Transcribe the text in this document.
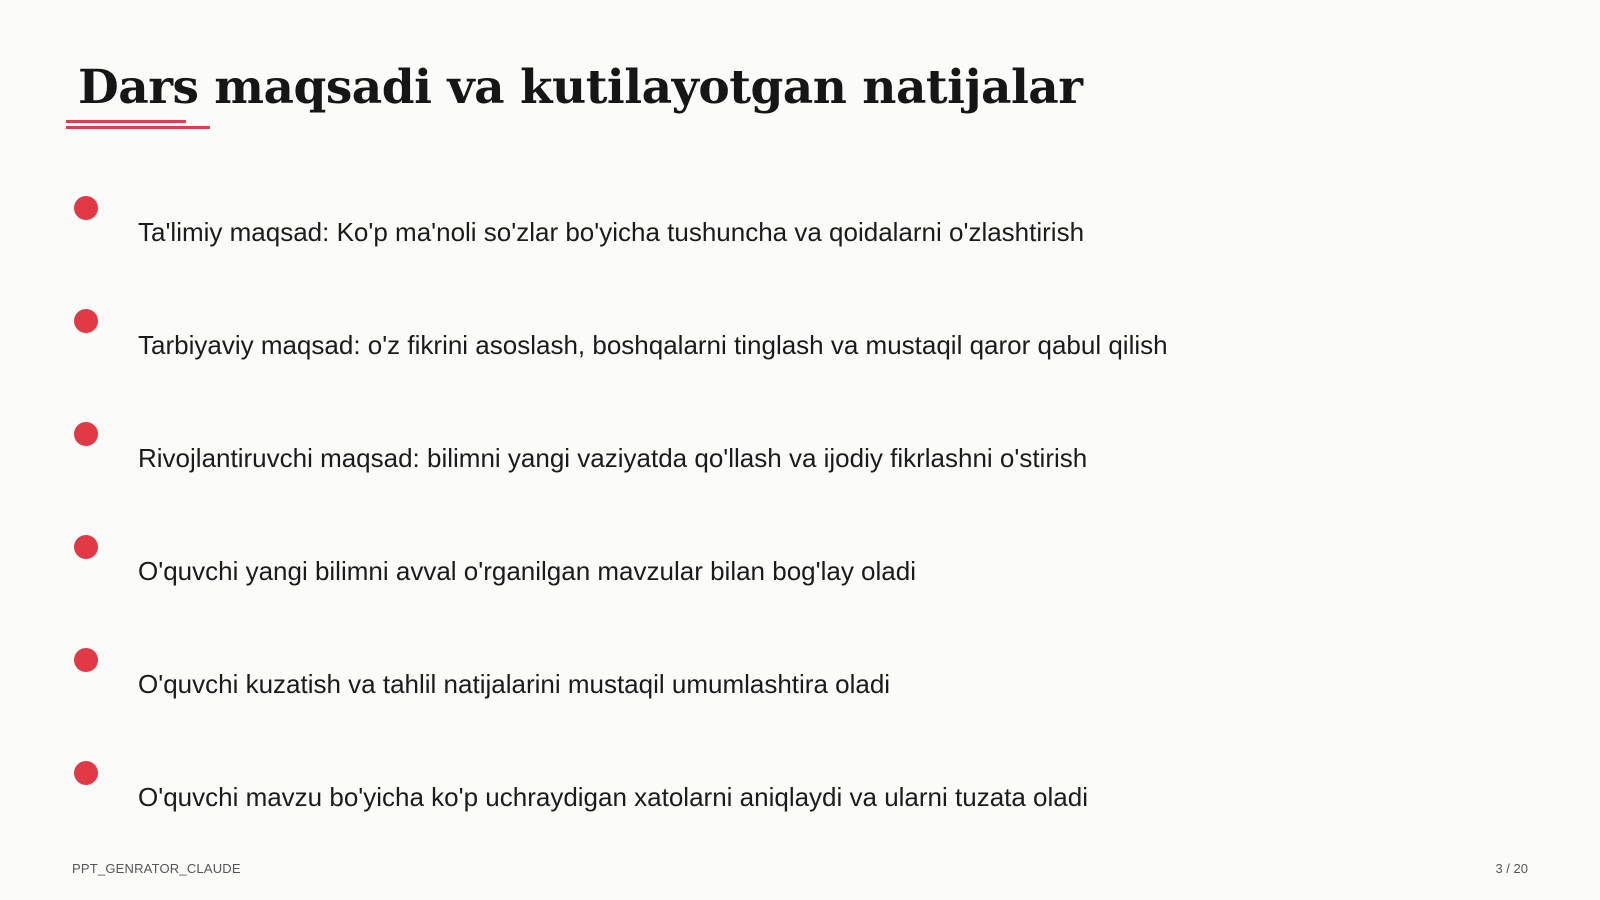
Dars maqsadi va kutilayotgan natijalar
Ta'limiy maqsad: Ko'p ma'noli so'zlar bo'yicha tushuncha va qoidalarni o'zlashtirish
Tarbiyaviy maqsad: o'z fikrini asoslash, boshqalarni tinglash va mustaqil qaror qabul qilish
Rivojlantiruvchi maqsad: bilimni yangi vaziyatda qo'llash va ijodiy fikrlashni o'stirish
O'quvchi yangi bilimni avval o'rganilgan mavzular bilan bog'lay oladi
O'quvchi kuzatish va tahlil natijalarini mustaqil umumlashtira oladi
O'quvchi mavzu bo'yicha ko'p uchraydigan xatolarni aniqlaydi va ularni tuzata oladi
PPT_GENRATOR_CLAUDE	3 / 20
